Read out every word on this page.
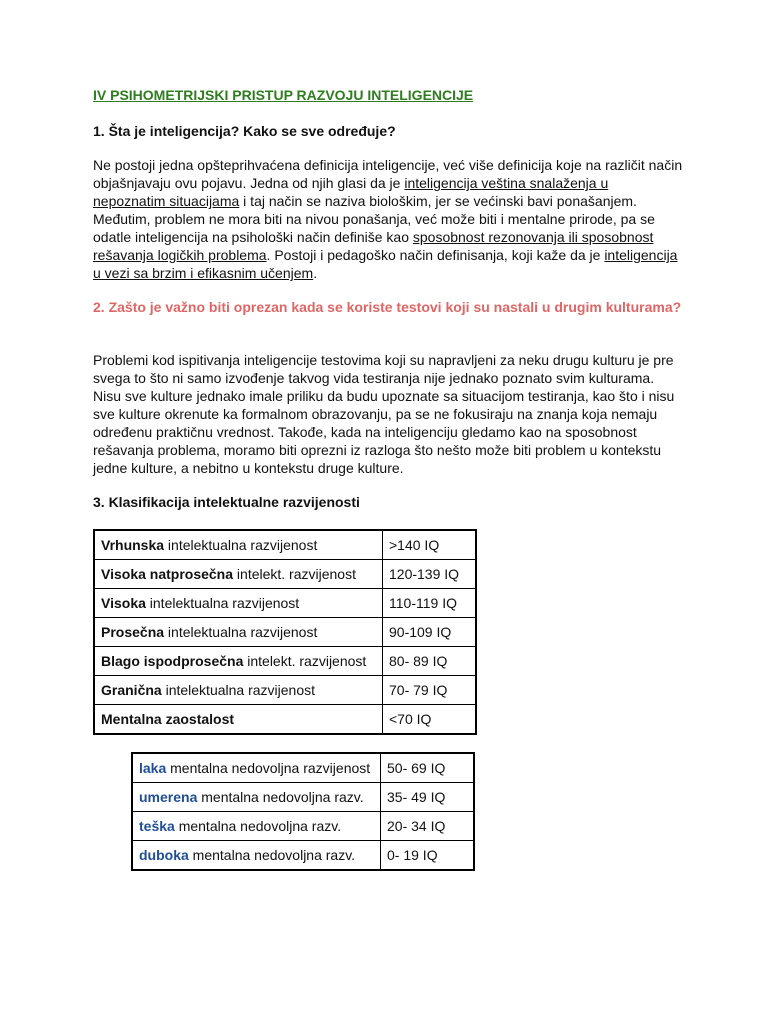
IV PSIHOMETRIJSKI PRISTUP RAZVOJU INTELIGENCIJE

1. Šta je inteligencija? Kako se sve određuje?

Ne postoji jedna opšteprihvaćena definicija inteligencije, već više definicija koje na različit način objašnjavaju ovu pojavu. Jedna od njih glasi da je inteligencija veština snalaženja u nepoznatim situacijama i taj način se naziva biološkim, jer se većinski bavi ponašanjem. Međutim, problem ne mora biti na nivou ponašanja, već može biti i mentalne prirode, pa se odatle inteligencija na psihološki način definiše kao sposobnost rezonovanja ili sposobnost rešavanja logičkih problema. Postoji i pedagoško način definisanja, koji kaže da je inteligencija u vezi sa brzim i efikasnim učenjem.

2. Zašto je važno biti oprezan kada se koriste testovi koji su nastali u drugim kulturama?

Problemi kod ispitivanja inteligencije testovima koji su napravljeni za neku drugu kulturu je pre svega to što ni samo izvođenje takvog vida testiranja nije jednako poznato svim kulturama. Nisu sve kulture jednako imale priliku da budu upoznate sa situacijom testiranja, kao što i nisu sve kulture okrenute ka formalnom obrazovanju, pa se ne fokusiraju na znanja koja nemaju određenu praktičnu vrednost. Takođe, kada na inteligenciju gledamo kao na sposobnost rešavanja problema, moramo biti oprezni iz razloga što nešto može biti problem u kontekstu jedne kulture, a nebitno u kontekstu druge kulture.

3. Klasifikacija intelektualne razvijenosti

Vrhunska intelektualna razvijenost	>140 IQ
Visoka natprosečna intelekt. razvijenost	120-139 IQ
Visoka intelektualna razvijenost	110-119 IQ
Prosečna intelektualna razvijenost	90-109 IQ
Blago ispodprosečna intelekt. razvijenost	80- 89 IQ
Granična intelektualna razvijenost	70- 79 IQ
Mentalna zaostalost	<70 IQ
laka mentalna nedovoljna razvijenost	50- 69 IQ
umerena mentalna nedovoljna razv.	35- 49 IQ
teška mentalna nedovoljna razv.	20- 34 IQ
duboka mentalna nedovoljna razv.	0- 19 IQ
